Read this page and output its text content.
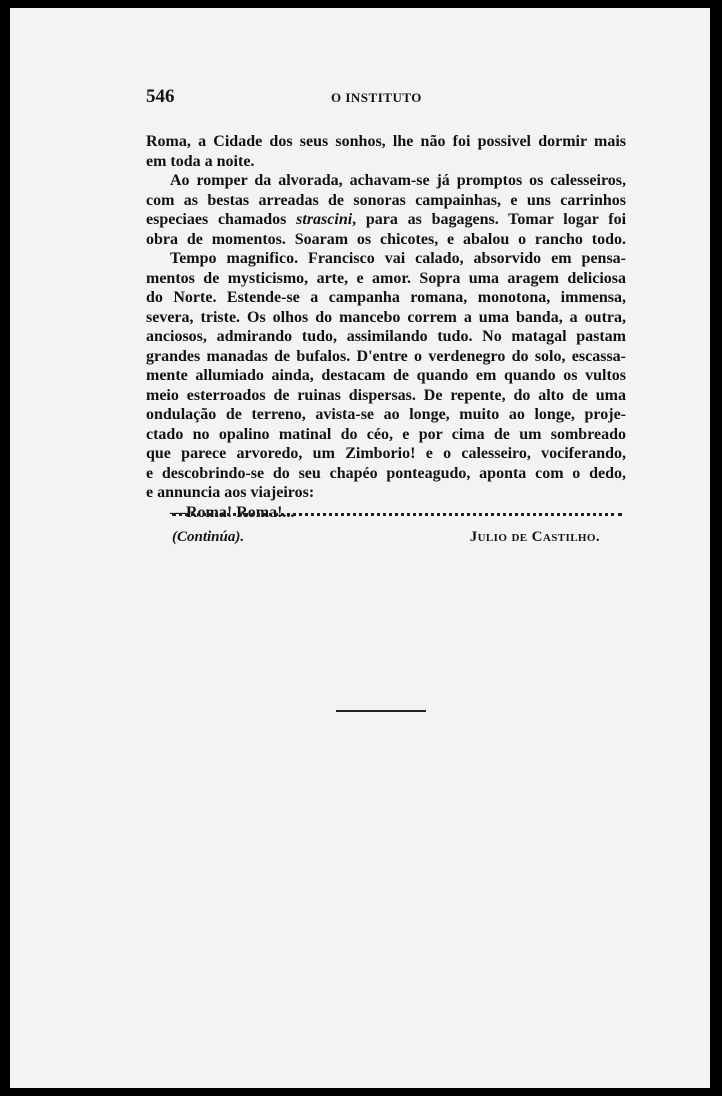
546	O INSTITUTO
Roma, a Cidade dos seus sonhos, lhe não foi possivel dormir mais
em toda a noite.
Ao romper da alvorada, achavam-se já promptos os calesseiros,
com as bestas arreadas de sonoras campainhas, e uns carrinhos
especiaes chamados strascini, para as bagagens. Tomar logar foi
obra de momentos. Soaram os chicotes, e abalou o rancho todo.
Tempo magnifico. Francisco vai calado, absorvido em pensa-
mentos de mysticismo, arte, e amor. Sopra uma aragem deliciosa
do Norte. Estende-se a campanha romana, monotona, immensa,
severa, triste. Os olhos do mancebo correm a uma banda, a outra,
anciosos, admirando tudo, assimilando tudo. No matagal pastam
grandes manadas de bufalos. D'entre o verdenegro do solo, escassa-
mente allumiado ainda, destacam de quando em quando os vultos
meio esterroados de ruinas dispersas. De repente, do alto de uma
ondulação de terreno, avista-se ao longe, muito ao longe, proje-
ctado no opalino matinal do céo, e por cima de um sombreado
que parece arvoredo, um Zimborio! e o calesseiro, vociferando,
e descobrindo-se do seu chapéo ponteagudo, aponta com o dedo,
e annuncia aos viajeiros:
—Roma! Roma!...
(Continúa).	Julio de Castilho.
